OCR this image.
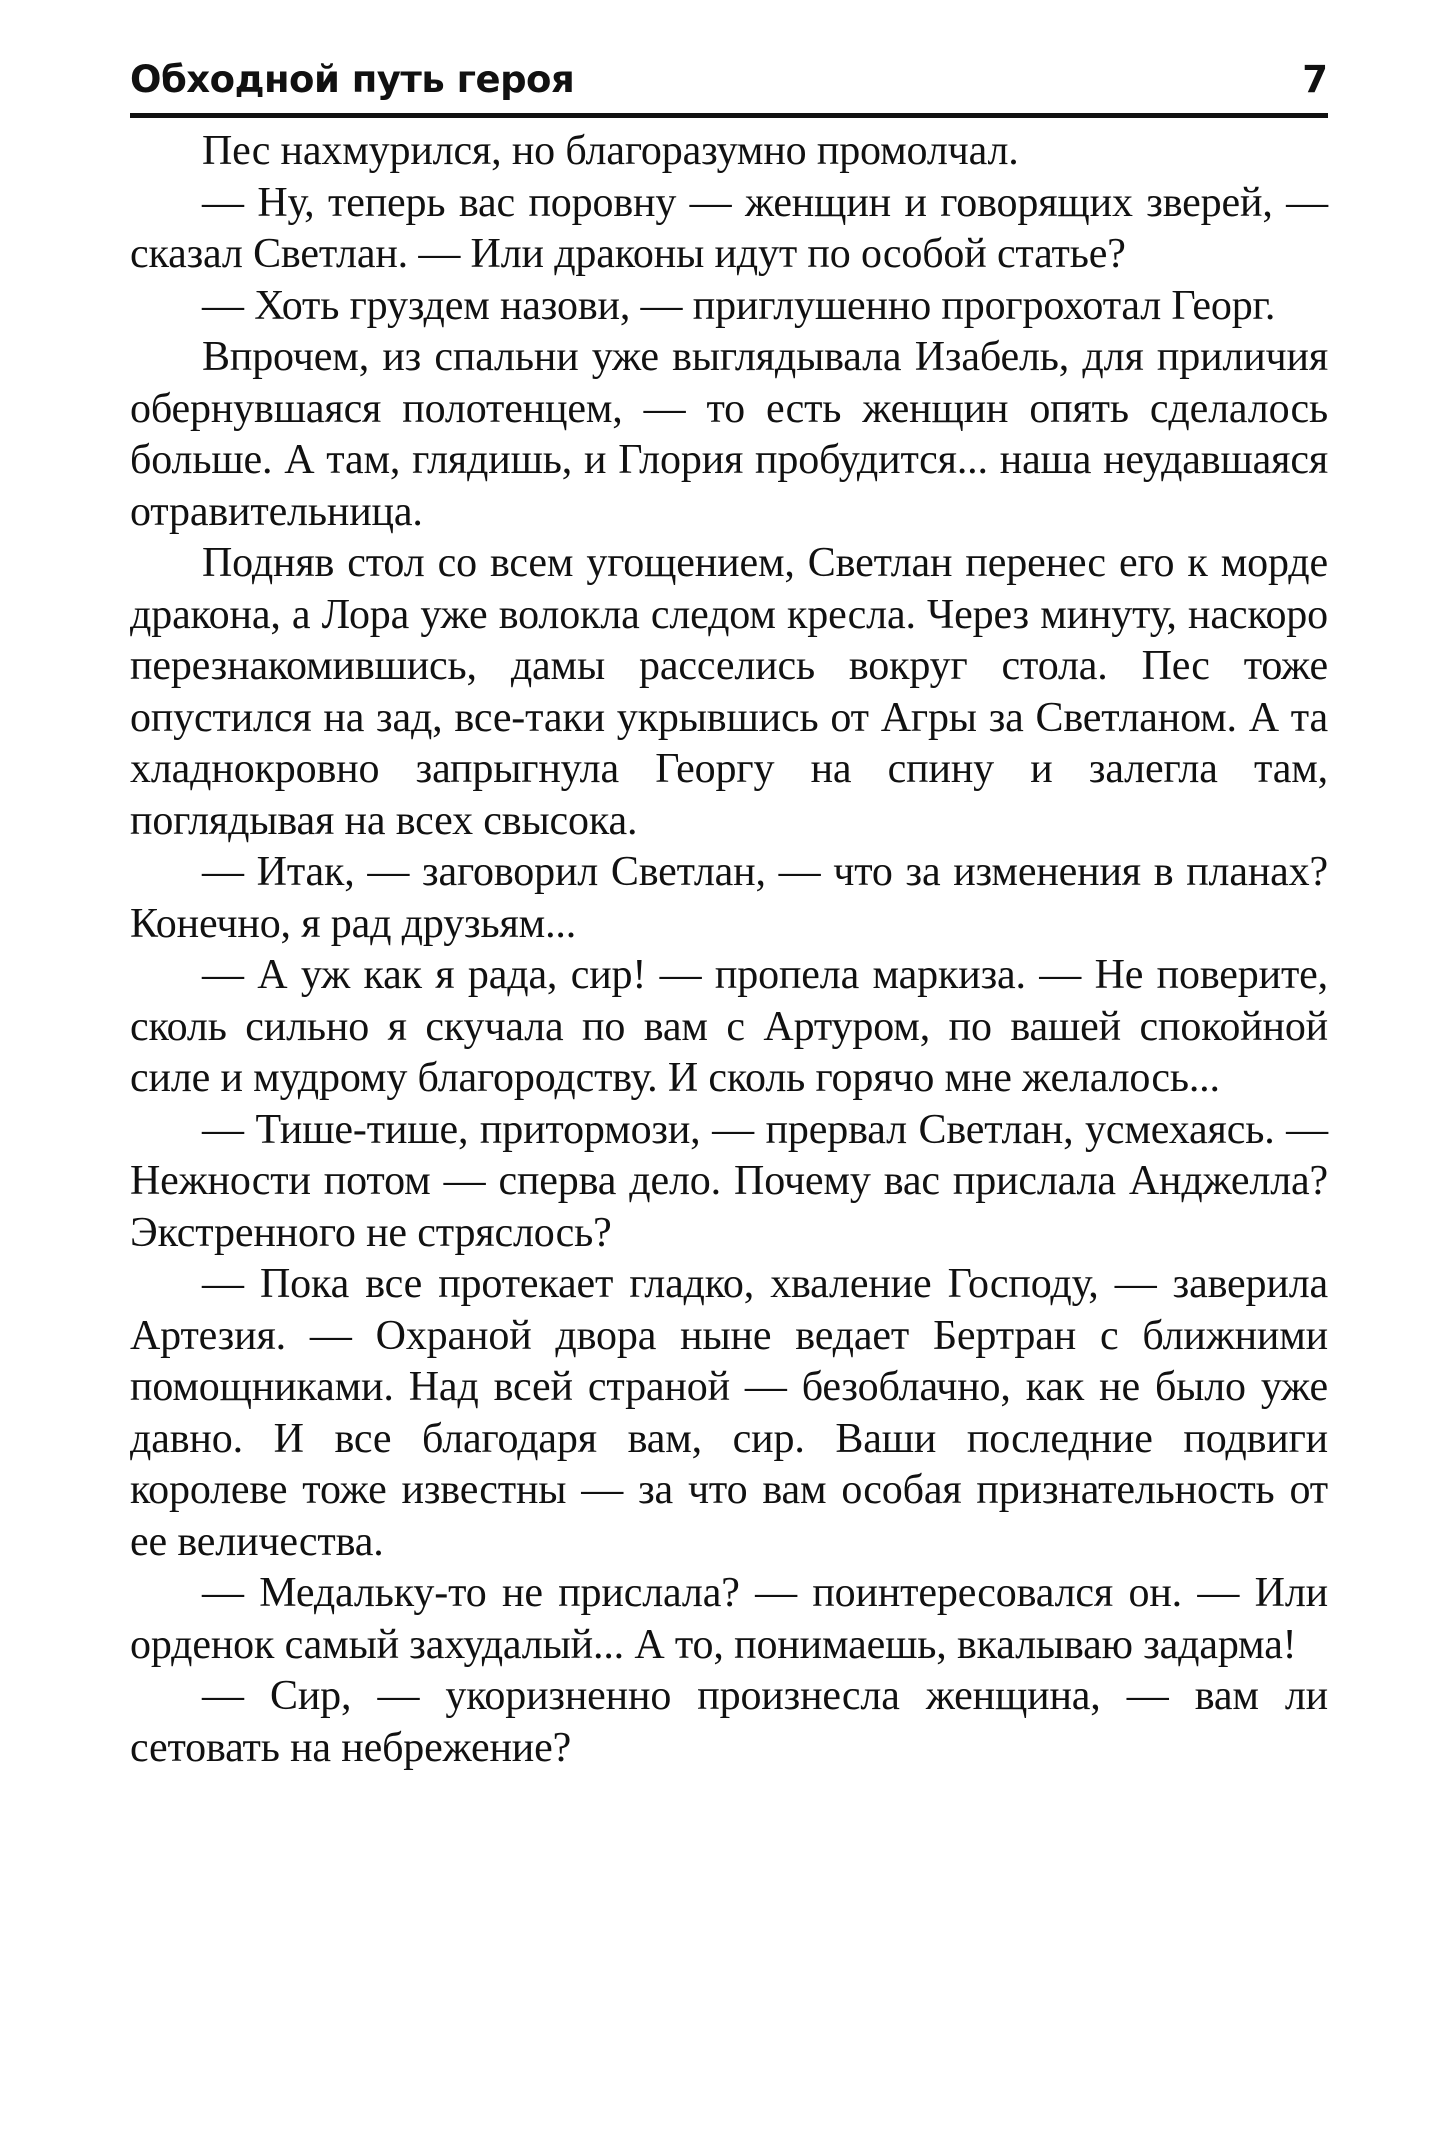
Обходной путь героя	7

Пес нахмурился, но благоразумно промолчал.

— Ну, теперь вас поровну — женщин и говорящих зверей, — сказал Светлан. — Или драконы идут по особой статье?

— Хоть груздем назови, — приглушенно прогрохотал Георг.

Впрочем, из спальни уже выглядывала Изабель, для приличия обернувшаяся полотенцем, — то есть женщин опять сделалось больше. А там, глядишь, и Глория пробудится... наша неудавшаяся отравительница.

Подняв стол со всем угощением, Светлан перенес его к морде дракона, а Лора уже волокла следом кресла. Через минуту, наскоро перезнакомившись, дамы расселись вокруг стола. Пес тоже опустился на зад, все-таки укрывшись от Агры за Светланом. А та хладнокровно запрыгнула Георгу на спину и залегла там, поглядывая на всех свысока.

— Итак, — заговорил Светлан, — что за изменения в планах? Конечно, я рад друзьям...

— А уж как я рада, сир! — пропела маркиза. — Не поверите, сколь сильно я скучала по вам с Артуром, по вашей спокойной силе и мудрому благородству. И сколь горячо мне желалось...

— Тише-тише, притормози, — прервал Светлан, усмехаясь. — Нежности потом — сперва дело. Почему вас прислала Анджелла? Экстренного не стряслось?

— Пока все протекает гладко, хваление Господу, — заверила Артезия. — Охраной двора ныне ведает Бертран с ближними помощниками. Над всей страной — безоблачно, как не было уже давно. И все благодаря вам, сир. Ваши последние подвиги королеве тоже известны — за что вам особая признательность от ее величества.

— Медальку-то не прислала? — поинтересовался он. — Или орденок самый захудалый... А то, понимаешь, вкалываю задарма!

— Сир, — укоризненно произнесла женщина, — вам ли сетовать на небрежение?
